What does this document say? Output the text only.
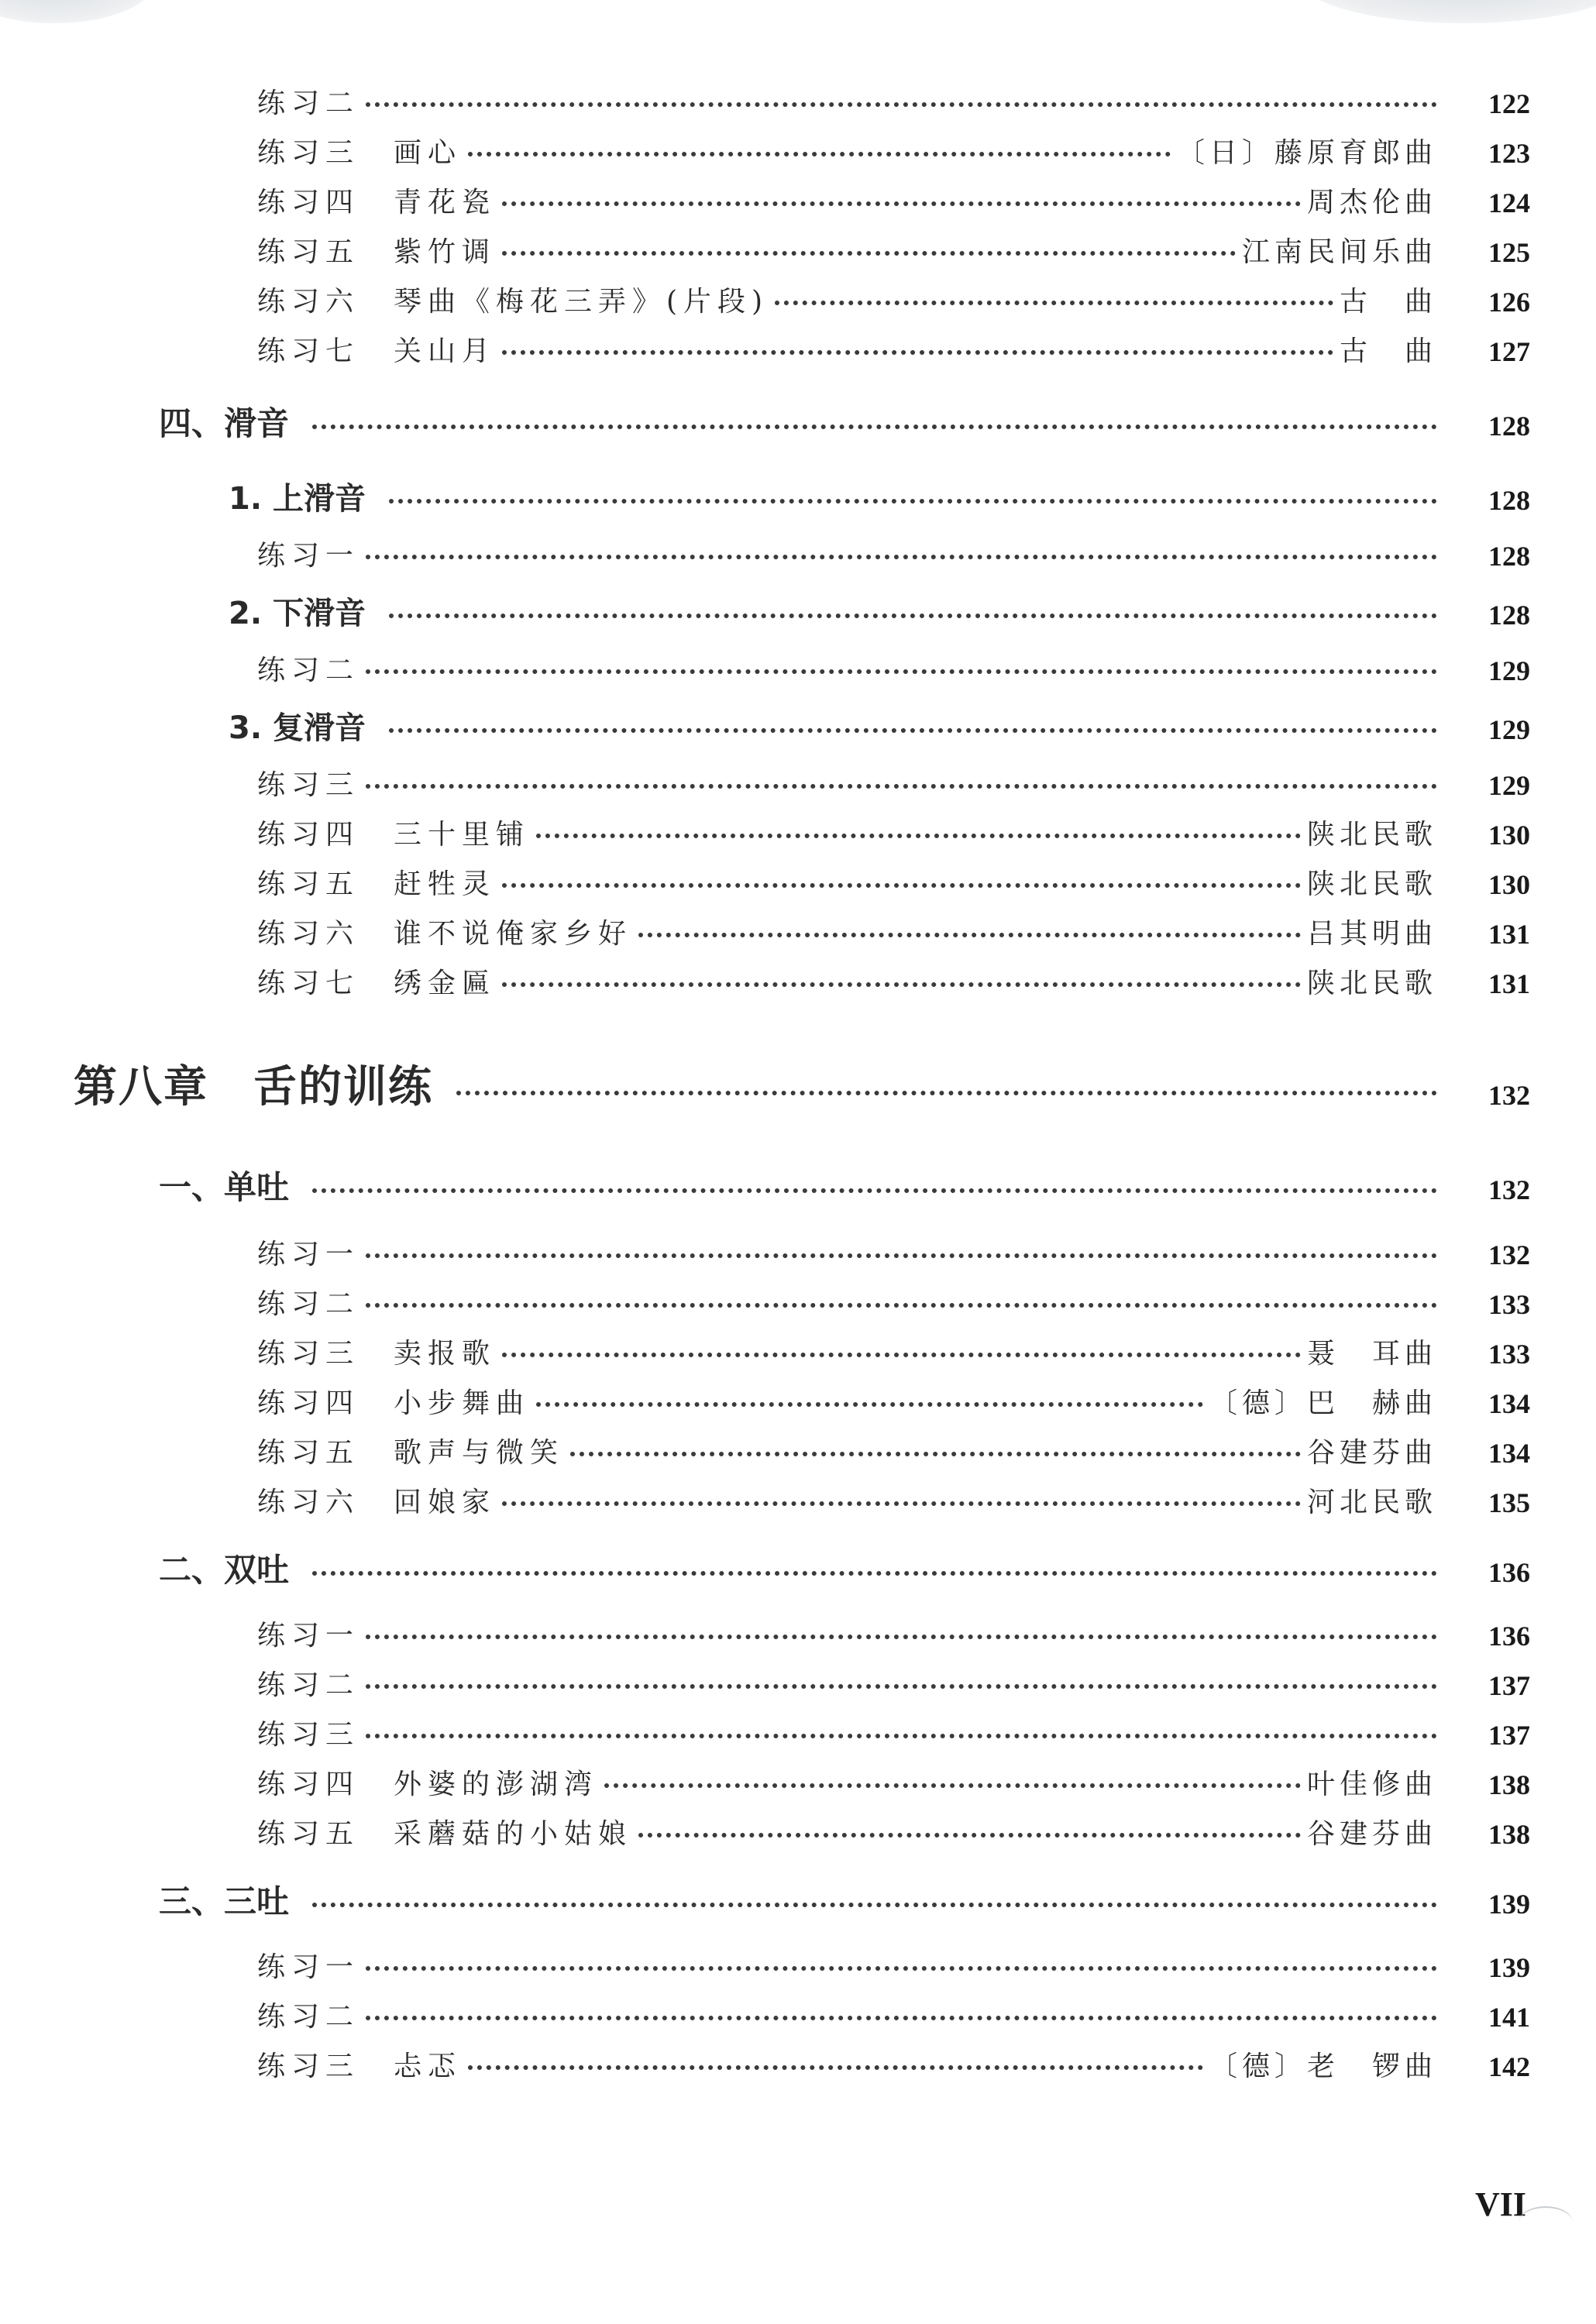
练习二	122
练习三　画心	〔日〕藤原育郎曲	123
练习四　青花瓷	周杰伦曲	124
练习五　紫竹调	江南民间乐曲	125
练习六　琴曲《梅花三弄》(片段)	古　曲	126
练习七　关山月	古　曲	127
四、滑音	128
1. 上滑音	128
练习一	128
2. 下滑音	128
练习二	129
3. 复滑音	129
练习三	129
练习四　三十里铺	陕北民歌	130
练习五　赶牲灵	陕北民歌	130
练习六　谁不说俺家乡好	吕其明曲	131
练习七　绣金匾	陕北民歌	131
第八章　舌的训练	132
一、单吐	132
练习一	132
练习二	133
练习三　卖报歌	聂　耳曲	133
练习四　小步舞曲	〔德〕巴　赫曲	134
练习五　歌声与微笑	谷建芬曲	134
练习六　回娘家	河北民歌	135
二、双吐	136
练习一	136
练习二	137
练习三	137
练习四　外婆的澎湖湾	叶佳修曲	138
练习五　采蘑菇的小姑娘	谷建芬曲	138
三、三吐	139
练习一	139
练习二	141
练习三　忐忑	〔德〕老　锣曲	142
VII
